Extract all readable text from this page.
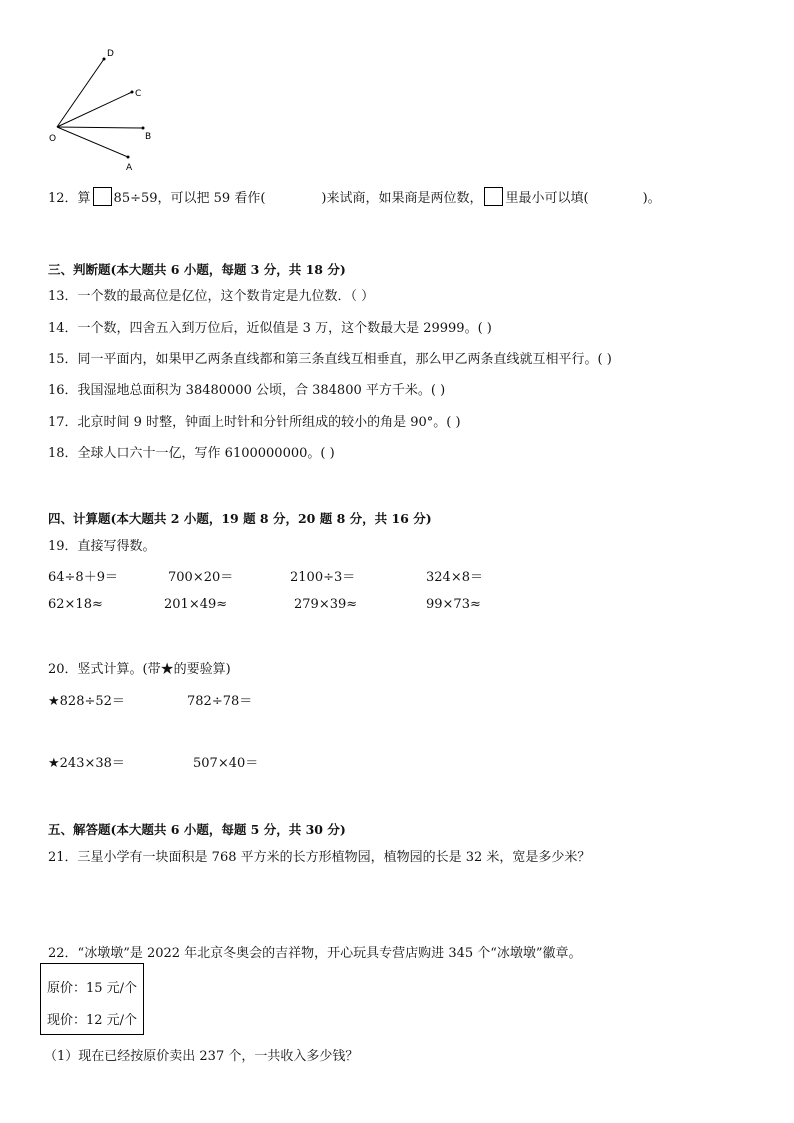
D
C
O	B
A
12．算 85÷59，可以把 59 看作(	)来试商，如果商是两位数， 里最小可以填(	)。
三、判断题(本大题共 6 小题，每题 3 分，共 18 分)
13．一个数的最高位是亿位，这个数肯定是九位数．（ ）
14．一个数，四舍五入到万位后，近似值是 3 万，这个数最大是 29999。( )
15．同一平面内，如果甲乙两条直线都和第三条直线互相垂直，那么甲乙两条直线就互相平行。( )
16．我国湿地总面积为 38480000 公顷，合 384800 平方千米。( )
17．北京时间 9 时整，钟面上时针和分针所组成的较小的角是 90°。( )
18．全球人口六十一亿，写作 6100000000。( )
四、计算题(本大题共 2 小题，19 题 8 分，20 题 8 分，共 16 分)
19．直接写得数。
64÷8＋9＝	700×20＝	2100÷3＝	324×8＝
62×18≈	201×49≈	279×39≈	99×73≈
20．竖式计算。(带★的要验算)
★828÷52＝	782÷78＝
★243×38＝	507×40＝
五、解答题(本大题共 6 小题，每题 5 分，共 30 分)
21．三星小学有一块面积是 768 平方米的长方形植物园，植物园的长是 32 米，宽是多少米？
22．“冰墩墩”是 2022 年北京冬奥会的吉祥物，开心玩具专营店购进 345 个“冰墩墩”徽章。
原价：15 元/个
现价：12 元/个
（1）现在已经按原价卖出 237 个，一共收入多少钱？
